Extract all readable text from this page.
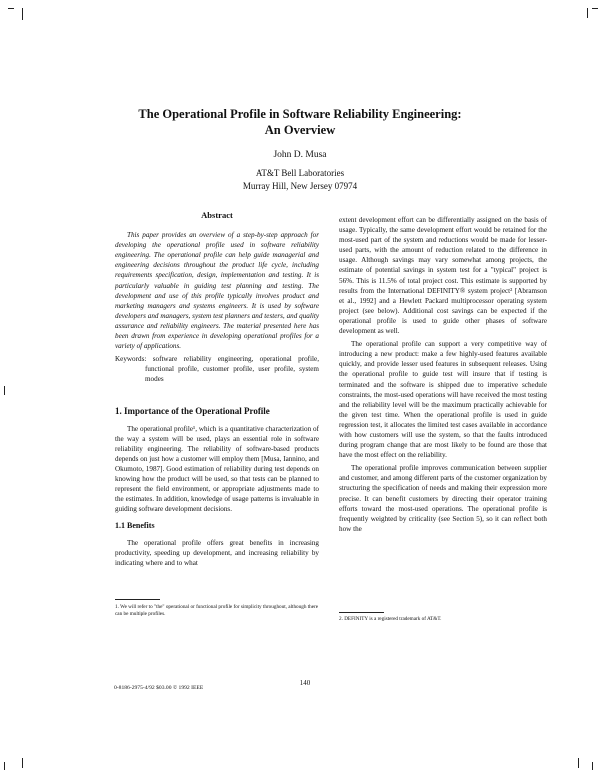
The Operational Profile in Software Reliability Engineering:
An Overview
John D. Musa
AT&T Bell Laboratories
Murray Hill, New Jersey 07974
Abstract

This paper provides an overview of a step-by-step approach for developing the operational profile used in software reliability engineering. The operational profile can help guide managerial and engineering decisions throughout the product life cycle, including requirements specification, design, implementation and testing. It is particularly valuable in guiding test planning and testing. The development and use of this profile typically involves product and marketing managers and systems engineers. It is used by software developers and managers, system test planners and testers, and quality assurance and reliability engineers. The material presented here has been drawn from experience in developing operational profiles for a variety of applications.

Keywords: software reliability engineering, operational profile, functional profile, customer profile, user profile, system modes

1. Importance of the Operational Profile

The operational profile¹, which is a quantitative characterization of the way a system will be used, plays an essential role in software reliability engineering. The reliability of software-based products depends on just how a customer will employ them [Musa, Iannino, and Okumoto, 1987]. Good estimation of reliability during test depends on knowing how the product will be used, so that tests can be planned to represent the field environment, or appropriate adjustments made to the estimates. In addition, knowledge of usage patterns is invaluable in guiding software development decisions.

1.1 Benefits

The operational profile offers great benefits in increasing productivity, speeding up development, and increasing reliability by indicating where and to what

1. We will refer to "the" operational or functional profile for simplicity throughout, although there can be multiple profiles.

extent development effort can be differentially assigned on the basis of usage. Typically, the same development effort would be retained for the most-used part of the system and reductions would be made for lesser-used parts, with the amount of reduction related to the difference in usage. Although savings may vary somewhat among projects, the estimate of potential savings in system test for a "typical" project is 56%. This is 11.5% of total project cost. This estimate is supported by results from the International DEFINITY® system project² [Abramson et al., 1992] and a Hewlett Packard multiprocessor operating system project (see below). Additional cost savings can be expected if the operational profile is used to guide other phases of software development as well.

The operational profile can support a very competitive way of introducing a new product: make a few highly-used features available quickly, and provide lesser used features in subsequent releases. Using the operational profile to guide test will insure that if testing is terminated and the software is shipped due to imperative schedule constraints, the most-used operations will have received the most testing and the reliability level will be the maximum practically achievable for the given test time. When the operational profile is used in guide regression test, it allocates the limited test cases available in accordance with how customers will use the system, so that the faults introduced during program change that are most likely to be found are those that have the most effect on the reliability.

The operational profile improves communication between supplier and customer, and among different parts of the customer organization by structuring the specification of needs and making their expression more precise. It can benefit customers by directing their operator training efforts toward the most-used operations. The operational profile is frequently weighted by criticality (see Section 5), so it can reflect both how the

2. DEFINITY is a registered trademark of AT&T.
140
0-8186-2975-4/92 $03.00 © 1992 IEEE
